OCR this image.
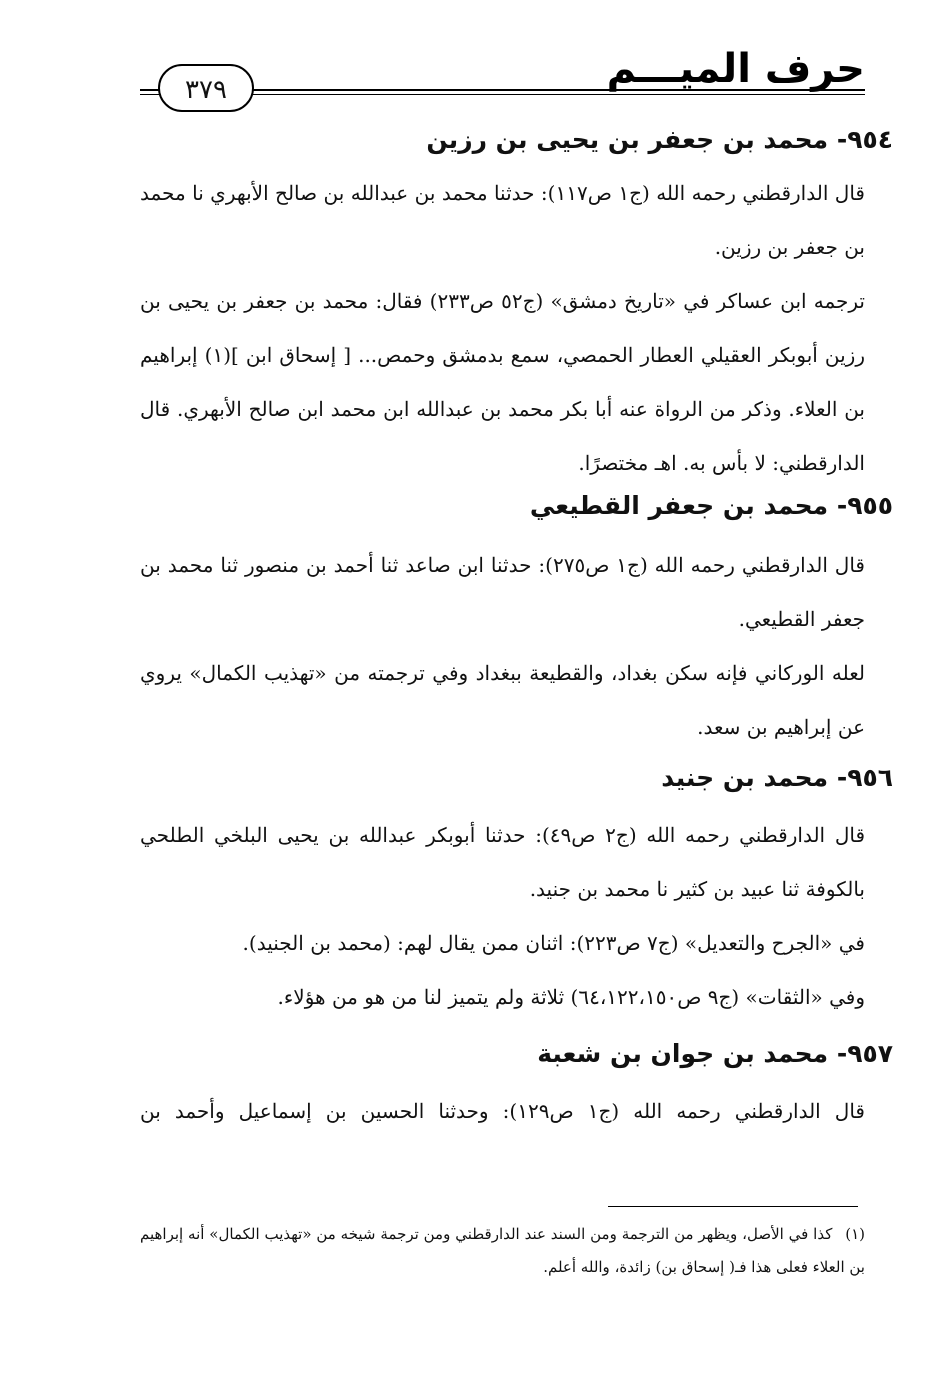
حرف الميـــم
٣٧٩
٩٥٤- محمد بن جعفر بن يحيى بن رزين

قال الدارقطني رحمه الله (ج١ ص١١٧): حدثنا محمد بن عبدالله بن صالح الأبهري نا محمد بن جعفر بن رزين.

ترجمه ابن عساكر في «تاريخ دمشق» (ج٥٢ ص٢٣٣) فقال: محمد بن جعفر بن يحيى بن رزين أبوبكر العقيلي العطار الحمصي، سمع بدمشق وحمص... [ إسحاق ابن ](١) إبراهيم بن العلاء. وذكر من الرواة عنه أبا بكر محمد بن عبدالله ابن محمد ابن صالح الأبهري. قال الدارقطني: لا بأس به. اهـ مختصرًا.

٩٥٥- محمد بن جعفر القطيعي

قال الدارقطني رحمه الله (ج١ ص٢٧٥): حدثنا ابن صاعد ثنا أحمد بن منصور ثنا محمد بن جعفر القطيعي.

لعله الوركاني فإنه سكن بغداد، والقطيعة ببغداد وفي ترجمته من «تهذيب الكمال» يروي عن إبراهيم بن سعد.

٩٥٦- محمد بن جنيد

قال الدارقطني رحمه الله (ج٢ ص٤٩): حدثنا أبوبكر عبدالله بن يحيى البلخي الطلحي بالكوفة ثنا عبيد بن كثير نا محمد بن جنيد.

في «الجرح والتعديل» (ج٧ ص٢٢٣): اثنان ممن يقال لهم: (محمد بن الجنيد).

وفي «الثقات» (ج٩ ص٦٤،١٢٢،١٥٠) ثلاثة ولم يتميز لنا من هو من هؤلاء.

٩٥٧- محمد بن جوان بن شعبة

قال الدارقطني رحمه الله (ج١ ص١٢٩): وحدثنا الحسين بن إسماعيل وأحمد بن

(١) كذا في الأصل، ويظهر من الترجمة ومن السند عند الدارقطني ومن ترجمة شيخه من «تهذيب الكمال» أنه إبراهيم بن العلاء فعلى هذا فـ( إسحاق بن) زائدة، والله أعلم.
